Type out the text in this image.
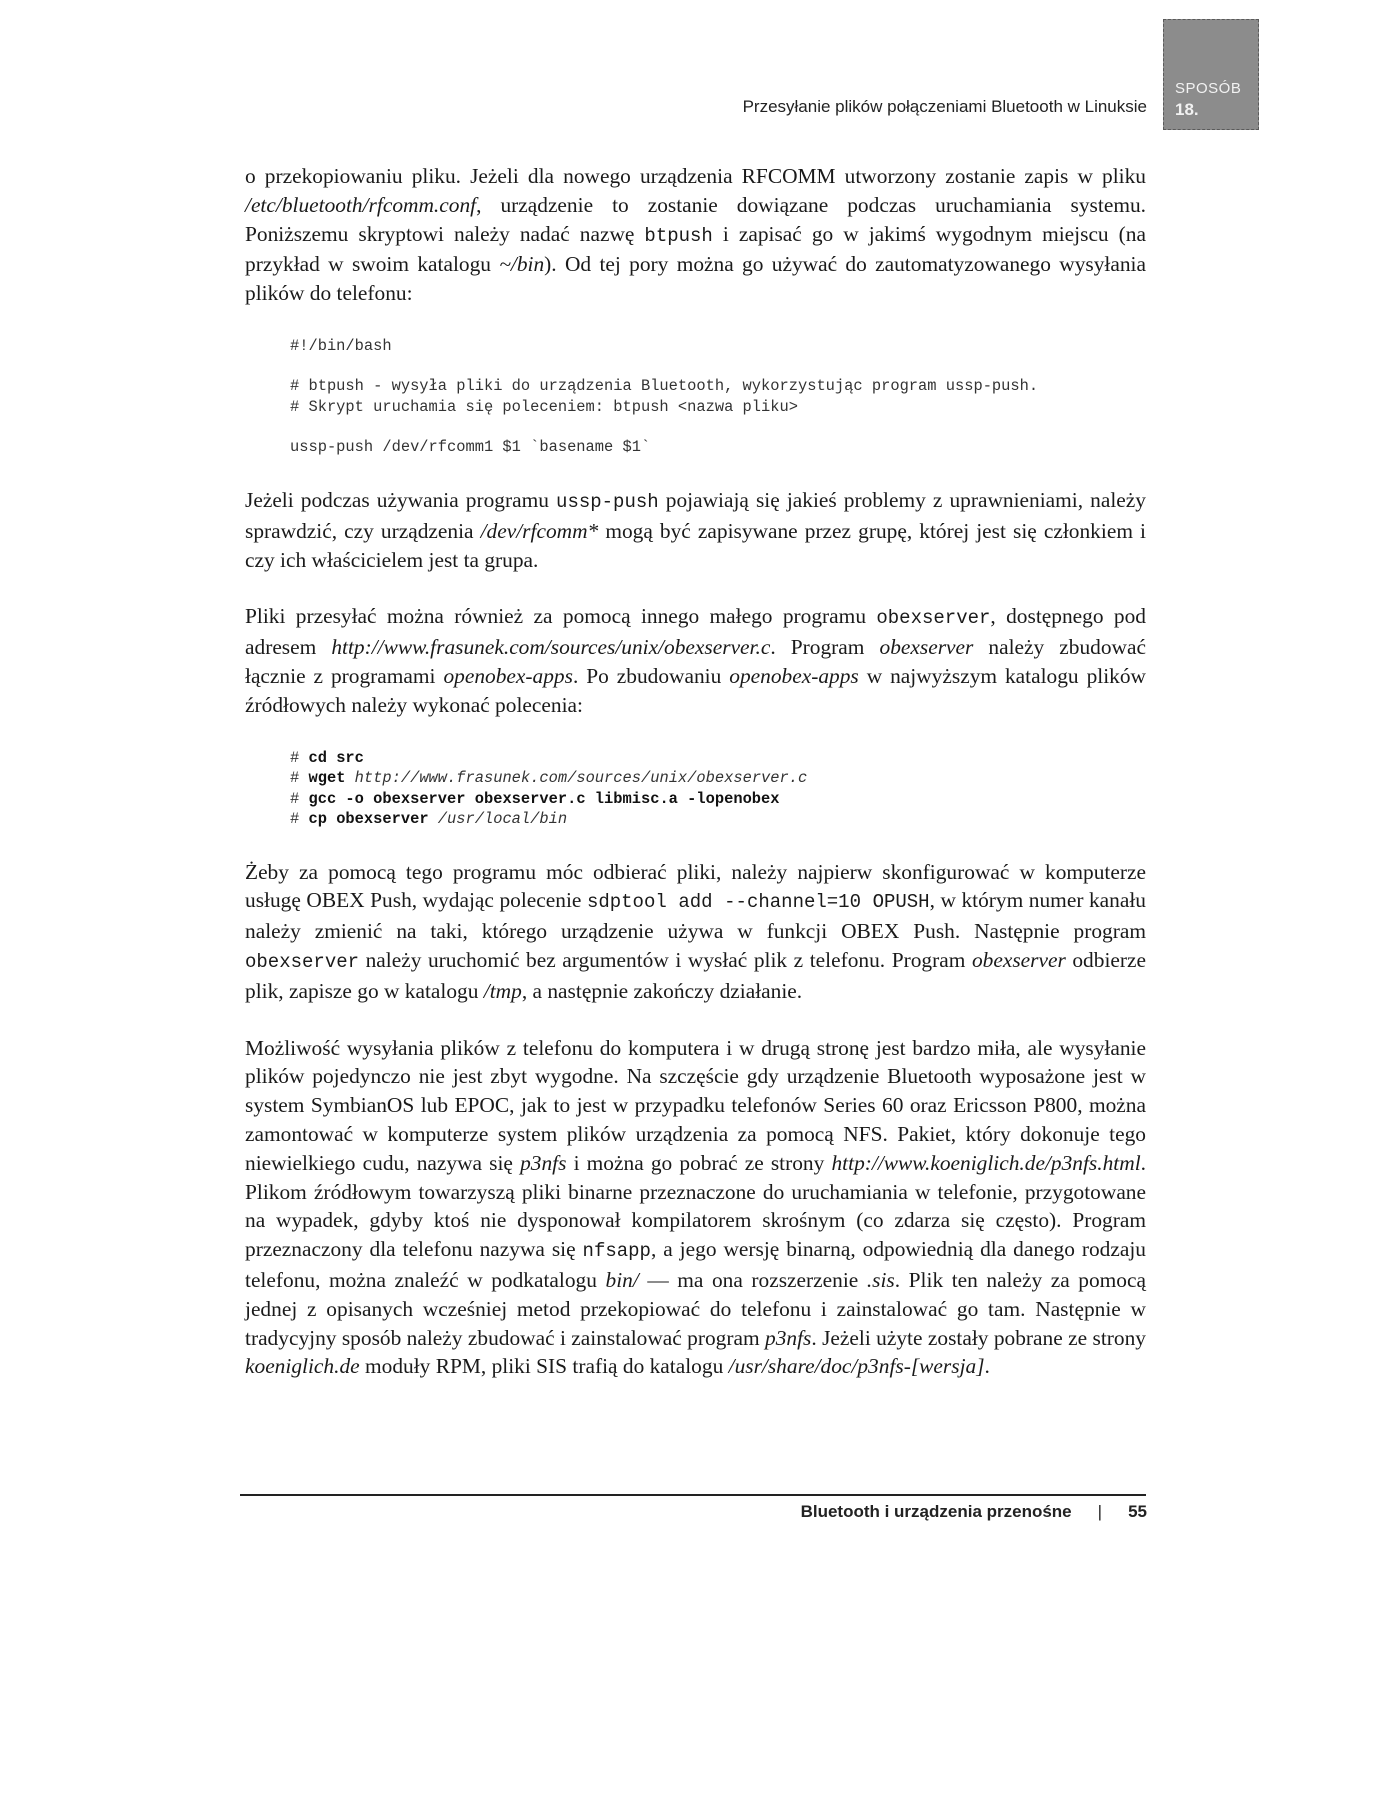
Przesyłanie plików połączeniami Bluetooth w Linuksie
SPOSÓB
18.

o przekopiowaniu pliku. Jeżeli dla nowego urządzenia RFCOMM utworzony zostanie zapis w pliku /etc/bluetooth/rfcomm.conf, urządzenie to zostanie dowiązane podczas uruchamiania systemu. Poniższemu skryptowi należy nadać nazwę btpush i zapisać go w jakimś wygodnym miejscu (na przykład w swoim katalogu ~/bin). Od tej pory można go używać do zautomatyzowanego wysyłania plików do telefonu:

#!/bin/bash
# btpush - wysyła pliki do urządzenia Bluetooth, wykorzystując program ussp-push.
# Skrypt uruchamia się poleceniem: btpush <nazwa pliku>
ussp-push /dev/rfcomm1 $1 `basename $1`

Jeżeli podczas używania programu ussp-push pojawiają się jakieś problemy z uprawnieniami, należy sprawdzić, czy urządzenia /dev/rfcomm* mogą być zapisywane przez grupę, której jest się członkiem i czy ich właścicielem jest ta grupa.

Pliki przesyłać można również za pomocą innego małego programu obexserver, dostępnego pod adresem http://www.frasunek.com/sources/unix/obexserver.c. Program obexserver należy zbudować łącznie z programami openobex-apps. Po zbudowaniu openobex-apps w najwyższym katalogu plików źródłowych należy wykonać polecenia:

# cd src
# wget http://www.frasunek.com/sources/unix/obexserver.c
# gcc -o obexserver obexserver.c libmisc.a -lopenobex
# cp obexserver /usr/local/bin

Żeby za pomocą tego programu móc odbierać pliki, należy najpierw skonfigurować w komputerze usługę OBEX Push, wydając polecenie sdptool add --channel=10 OPUSH, w którym numer kanału należy zmienić na taki, którego urządzenie używa w funkcji OBEX Push. Następnie program obexserver należy uruchomić bez argumentów i wysłać plik z telefonu. Program obexserver odbierze plik, zapisze go w katalogu /tmp, a następnie zakończy działanie.

Możliwość wysyłania plików z telefonu do komputera i w drugą stronę jest bardzo miła, ale wysyłanie plików pojedynczo nie jest zbyt wygodne. Na szczęście gdy urządzenie Bluetooth wyposażone jest w system SymbianOS lub EPOC, jak to jest w przypadku telefonów Series 60 oraz Ericsson P800, można zamontować w komputerze system plików urządzenia za pomocą NFS. Pakiet, który dokonuje tego niewielkiego cudu, nazywa się p3nfs i można go pobrać ze strony http://www.koeniglich.de/p3nfs.html. Plikom źródłowym towarzyszą pliki binarne przeznaczone do uruchamiania w telefonie, przygotowane na wypadek, gdyby ktoś nie dysponował kompilatorem skrośnym (co zdarza się często). Program przeznaczony dla telefonu nazywa się nfsapp, a jego wersję binarną, odpowiednią dla danego rodzaju telefonu, można znaleźć w podkatalogu bin/ — ma ona rozszerzenie .sis. Plik ten należy za pomocą jednej z opisanych wcześniej metod przekopiować do telefonu i zainstalować go tam. Następnie w tradycyjny sposób należy zbudować i zainstalować program p3nfs. Jeżeli użyte zostały pobrane ze strony koeniglich.de moduły RPM, pliki SIS trafią do katalogu /usr/share/doc/p3nfs-[wersja].

Bluetooth i urządzenia przenośne | 55
